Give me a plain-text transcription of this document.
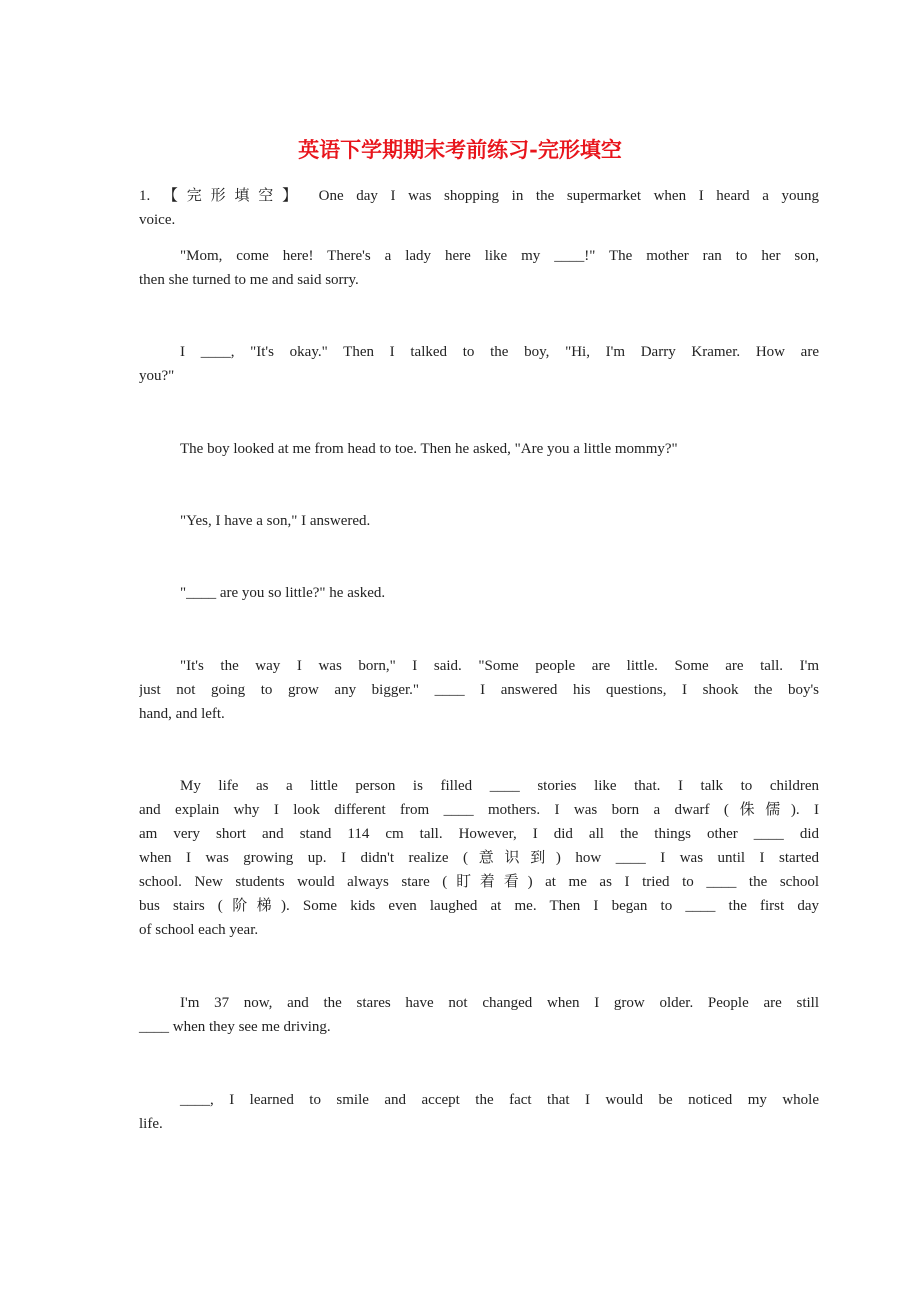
英语下学期期末考前练习-完形填空
1. 【完形填空】 One day I was shopping in the supermarket when I heard a young
voice.
"Mom, come here! There's a lady here like my ____!" The mother ran to her son,
then she turned to me and said sorry.
I ____, "It's okay." Then I talked to the boy, "Hi, I'm Darry Kramer. How are
you?"
The boy looked at me from head to toe. Then he asked, "Are you a little mommy?"
"Yes, I have a son," I answered.
"____ are you so little?" he asked.
"It's the way I was born," I said. "Some people are little. Some are tall. I'm
just not going to grow any bigger." ____ I answered his questions, I shook the boy's
hand, and left.
My life as a little person is filled ____ stories like that. I talk to children
and explain why I look different from ____ mothers. I was born a dwarf (侏儒). I
am very short and stand 114 cm tall. However, I did all the things other ____ did
when I was growing up. I didn't realize (意识到) how ____ I was until I started
school. New students would always stare (盯着看) at me as I tried to ____ the school
bus stairs (阶梯). Some kids even laughed at me. Then I began to ____ the first day
of school each year.
I'm 37 now, and the stares have not changed when I grow older. People are still
____ when they see me driving.
____, I learned to smile and accept the fact that I would be noticed my whole
life.
